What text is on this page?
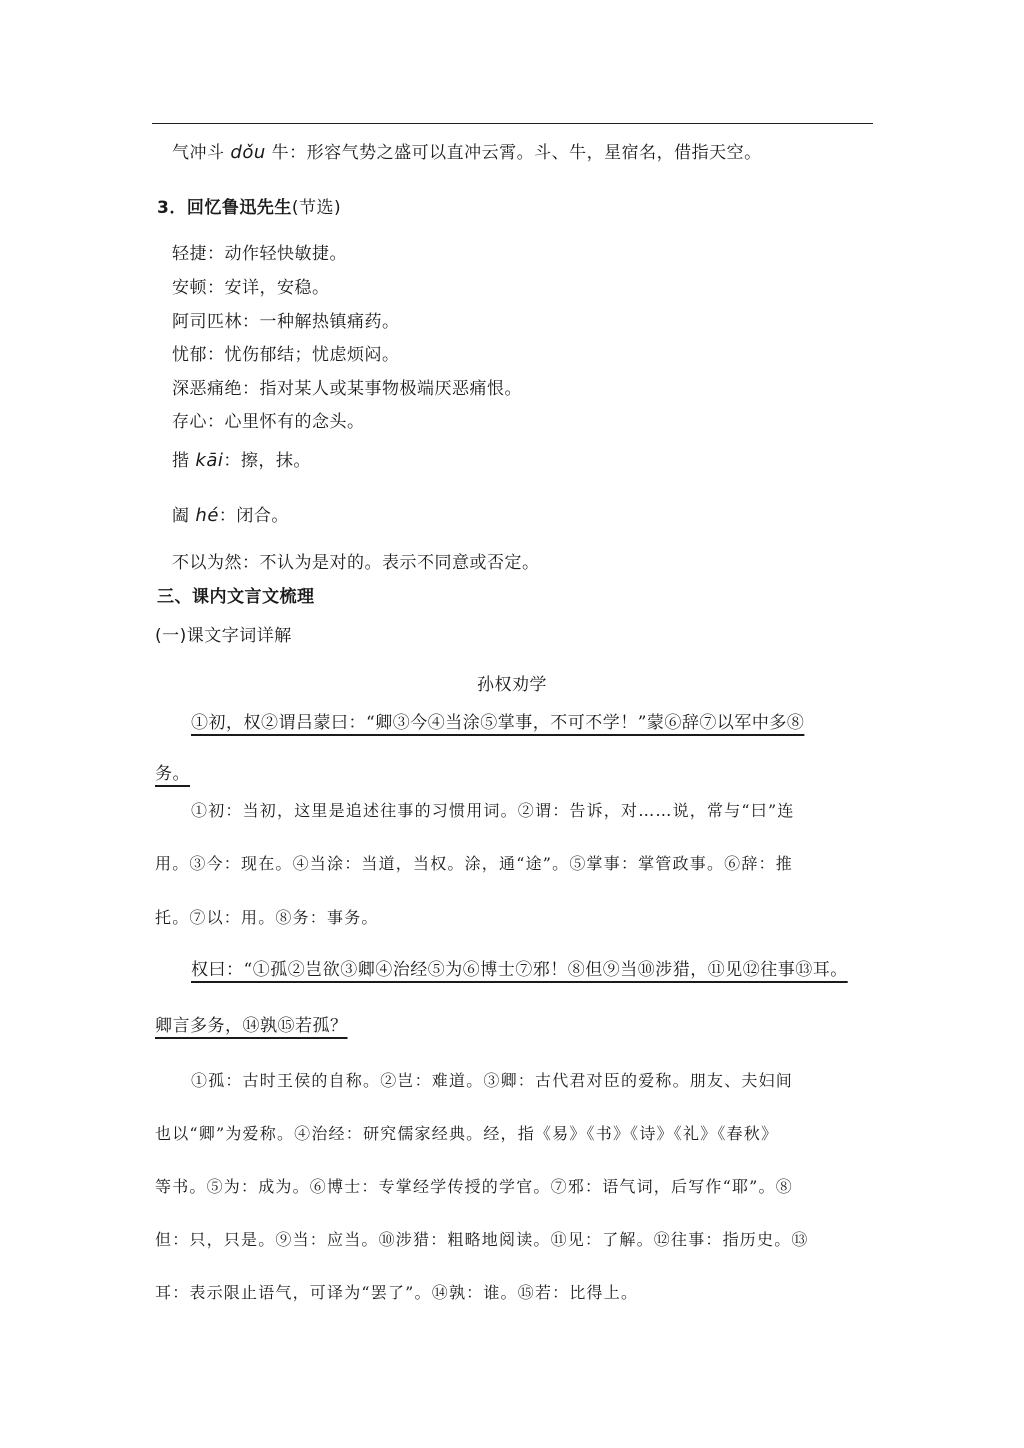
气冲斗 dǒu 牛：形容气势之盛可以直冲云霄。斗、牛，星宿名，借指天空。
3．回忆鲁迅先生(节选)
轻捷：动作轻快敏捷。
安顿：安详，安稳。
阿司匹林：一种解热镇痛药。
忧郁：忧伤郁结；忧虑烦闷。
深恶痛绝：指对某人或某事物极端厌恶痛恨。
存心：心里怀有的念头。
揩 kāi：擦，抹。
阖 hé：闭合。
不以为然：不认为是对的。表示不同意或否定。
三、课内文言文梳理
(一)课文字词详解
孙权劝学
①初，权②谓吕蒙曰：“卿③今④当涂⑤掌事，不可不学！”蒙⑥辞⑦以军中多⑧
务。
①初：当初，这里是追述往事的习惯用词。②谓：告诉，对……说，常与“曰”连
用。③今：现在。④当涂：当道，当权。涂，通“途”。⑤掌事：掌管政事。⑥辞：推
托。⑦以：用。⑧务：事务。
权曰：“①孤②岂欲③卿④治经⑤为⑥博士⑦邪！⑧但⑨当⑩涉猎，⑪见⑫往事⑬耳。
卿言多务，⑭孰⑮若孤？
①孤：古时王侯的自称。②岂：难道。③卿：古代君对臣的爱称。朋友、夫妇间
也以“卿”为爱称。④治经：研究儒家经典。经，指《易》《书》《诗》《礼》《春秋》
等书。⑤为：成为。⑥博士：专掌经学传授的学官。⑦邪：语气词，后写作“耶”。⑧
但：只，只是。⑨当：应当。⑩涉猎：粗略地阅读。⑪见：了解。⑫往事：指历史。⑬
耳：表示限止语气，可译为“罢了”。⑭孰：谁。⑮若：比得上。
